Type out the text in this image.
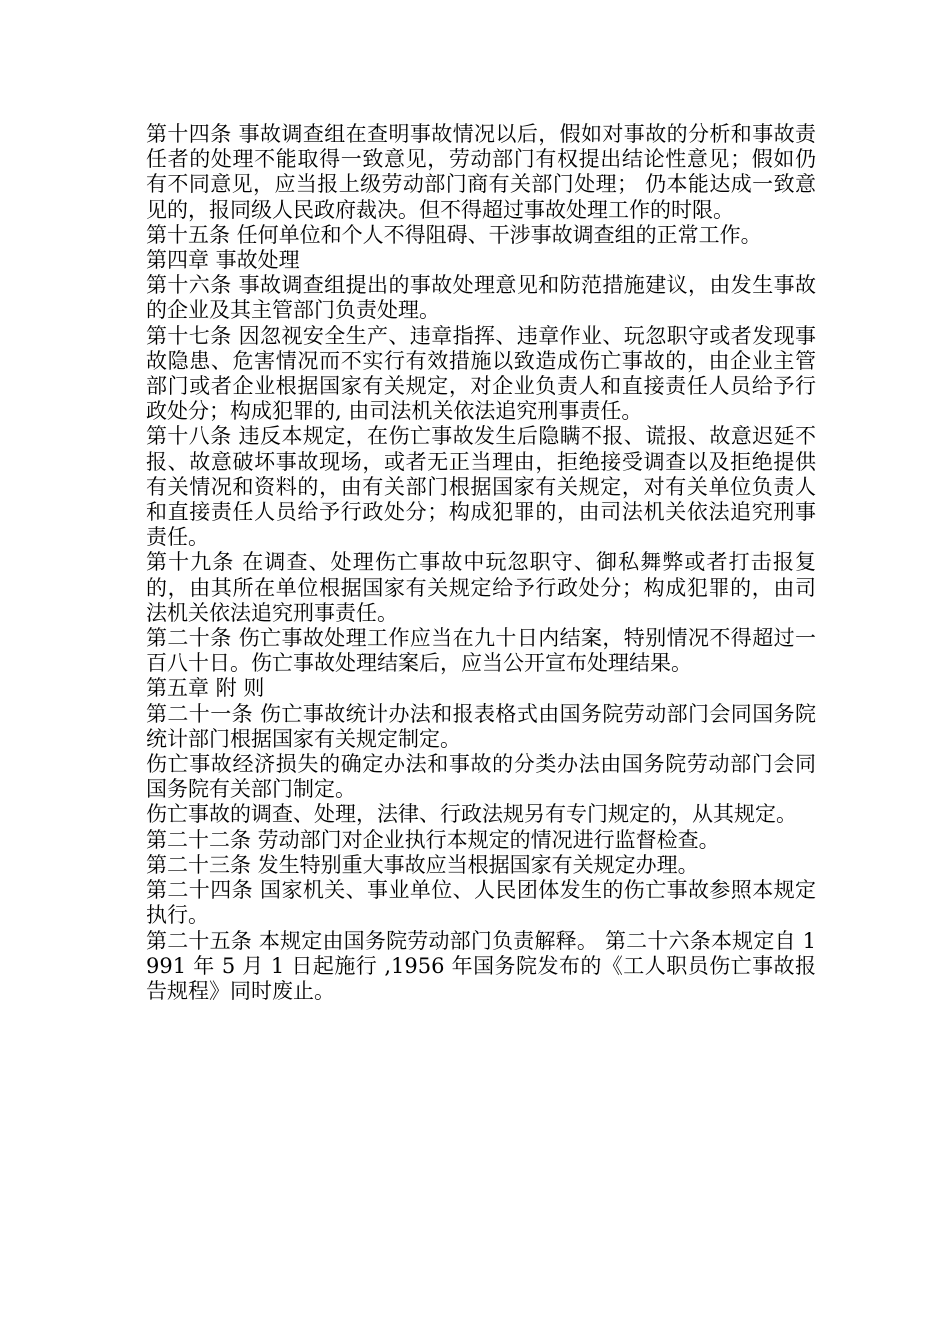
第十四条 事故调查组在查明事故情况以后，假如对事故的分析和事故责任者的处理不能取得一致意见，劳动部门有权提出结论性意见；假如仍有不同意见，应当报上级劳动部门商有关部门处理； 仍本能达成一致意见的，报同级人民政府裁决。但不得超过事故处理工作的时限。

第十五条 任何单位和个人不得阻碍、干涉事故调查组的正常工作。

第四章 事故处理

第十六条 事故调查组提出的事故处理意见和防范措施建议，由发生事故的企业及其主管部门负责处理。

第十七条 因忽视安全生产、违章指挥、违章作业、玩忽职守或者发现事故隐患、危害情况而不实行有效措施以致造成伤亡事故的，由企业主管部门或者企业根据国家有关规定，对企业负责人和直接责任人员给予行政处分；构成犯罪的, 由司法机关依法追究刑事责任。

第十八条 违反本规定，在伤亡事故发生后隐瞒不报、谎报、故意迟延不报、故意破坏事故现场，或者无正当理由，拒绝接受调查以及拒绝提供有关情况和资料的，由有关部门根据国家有关规定，对有关单位负责人和直接责任人员给予行政处分；构成犯罪的，由司法机关依法追究刑事责任。

第十九条 在调查、处理伤亡事故中玩忽职守、御私舞弊或者打击报复的，由其所在单位根据国家有关规定给予行政处分；构成犯罪的，由司法机关依法追究刑事责任。

第二十条 伤亡事故处理工作应当在九十日内结案，特别情况不得超过一百八十日。伤亡事故处理结案后，应当公开宣布处理结果。

第五章 附 则

第二十一条 伤亡事故统计办法和报表格式由国务院劳动部门会同国务院统计部门根据国家有关规定制定。

伤亡事故经济损失的确定办法和事故的分类办法由国务院劳动部门会同国务院有关部门制定。

伤亡事故的调查、处理，法律、行政法规另有专门规定的，从其规定。

第二十二条 劳动部门对企业执行本规定的情况进行监督检查。

第二十三条 发生特别重大事故应当根据国家有关规定办理。

第二十四条 国家机关、事业单位、人民团体发生的伤亡事故参照本规定执行。

第二十五条 本规定由国务院劳动部门负责解释。 第二十六条本规定自 1991 年 5 月 1 日起施行 ,1956 年国务院发布的《工人职员伤亡事故报告规程》同时废止。
